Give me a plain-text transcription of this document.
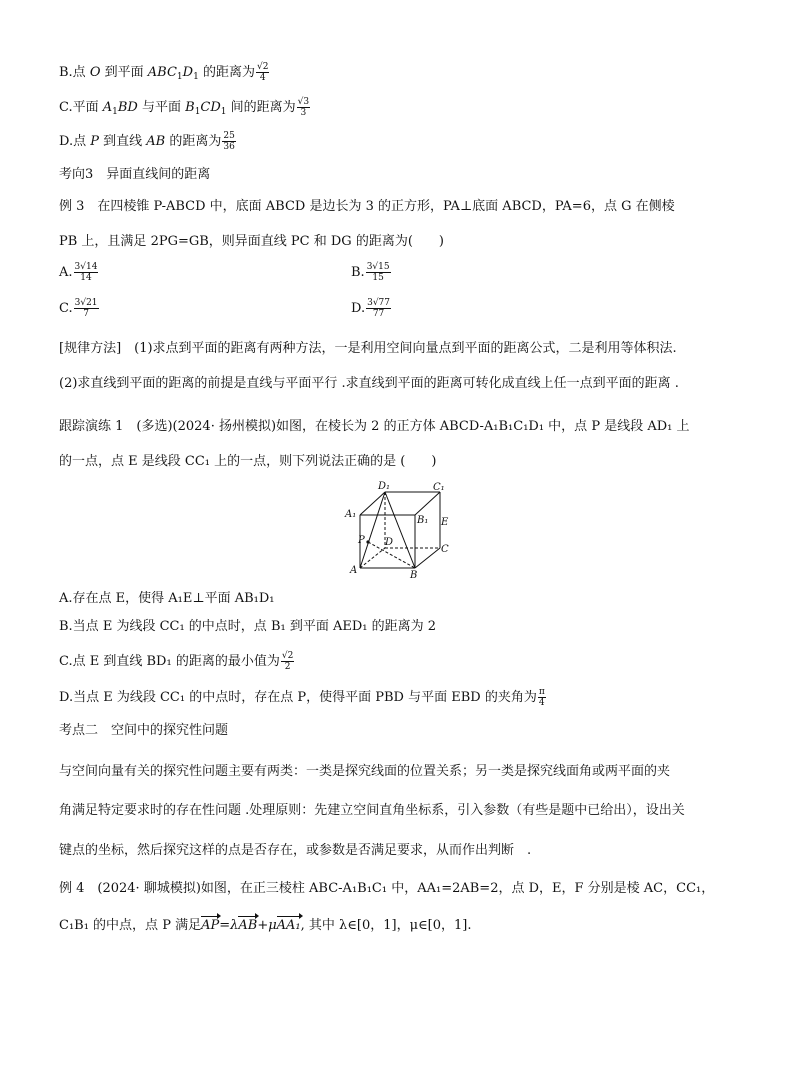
B.点 O 到平面 $ABC_1D_1$ 的距离为 $\frac{√2}{4}$
C.平面 $A_1BD$ 与平面 $B_1CD_1$ 间的距离为 $\frac{√3}{3}$
D.点 P 到直线 AB 的距离为 $\frac{25}{36}$
考向3　异面直线间的距离
例 3　在四棱锥 P-ABCD 中，底面 ABCD 是边长为 3 的正方形，PA⊥底面 ABCD，PA=6，点 G 在侧棱
PB 上，且满足 2PG=GB，则异面直线 PC 和 DG 的距离为(　　)
A. $\frac{3√14}{14}$	B. $\frac{3√15}{15}$
C. $\frac{3√21}{7}$	D. $\frac{3√77}{77}$
[规律方法]　(1)求点到平面的距离有两种方法，一是利用空间向量点到平面的距离公式，二是利用等体积法.
(2)求直线到平面的距离的前提是直线与平面平行 .求直线到平面的距离可转化成直线上任一点到平面的距离 .
跟踪演练 1　(多选)(2024· 扬州模拟)如图，在棱长为 2 的正方体 ABCD-A₁B₁C₁D₁ 中，点 P 是线段 AD₁ 上
的一点，点 E 是线段 CC₁ 上的一点，则下列说法正确的是 (　　)
D₁	C₁
A₁
B₁ E
P D
C
A	B
A.存在点 E，使得 A₁E⊥平面 AB₁D₁
B.当点 E 为线段 CC₁ 的中点时，点 B₁ 到平面 AED₁ 的距离为 2
C.点 E 到直线 BD₁ 的距离的最小值为 $\frac{√2}{2}$
D.当点 E 为线段 CC₁ 的中点时，存在点 P，使得平面 PBD 与平面 EBD 的夹角为 $\frac{\pi}{4}$
考点二　空间中的探究性问题
与空间向量有关的探究性问题主要有两类：一类是探究线面的位置关系；另一类是探究线面角或两平面的夹
角满足特定要求时的存在性问题 .处理原则：先建立空间直角坐标系，引入参数（有些是题中已给出），设出关
键点的坐标，然后探究这样的点是否存在，或参数是否满足要求，从而作出判断　.
例 4　(2024· 聊城模拟)如图，在正三棱柱 ABC-A₁B₁C₁ 中，AA₁=2AB=2，点 D，E，F 分别是棱 AC，CC₁，
C₁B₁ 的中点，点 P 满足AP=λAB+μAA₁, 其中 λ∈[0，1]，μ∈[0，1].
